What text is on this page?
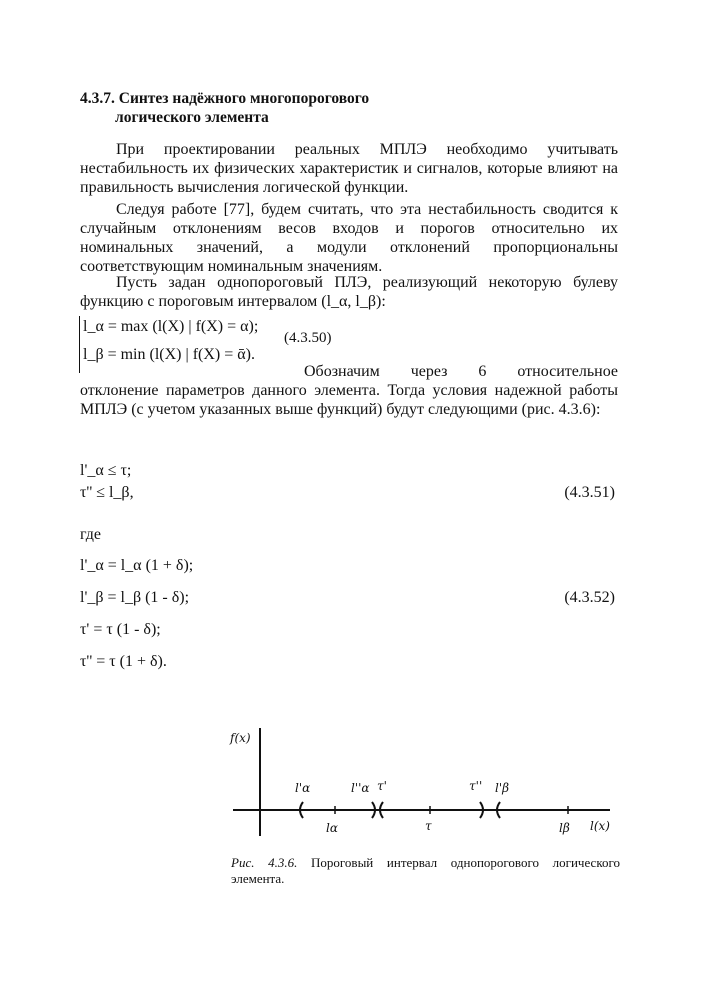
4.3.7. Синтез надёжного многопорогового
логического элемента

При проектировании реальных МПЛЭ необходимо учитывать нестабильность их физических характеристик и сигналов, которые влияют на правильность вычисления логической функции.

Следуя работе [77], будем считать, что эта нестабильность сводится к случайным отклонениям весов входов и порогов относительно их номинальных значений, а модули отклонений пропорциональны соответствующим номинальным значениям.

Пусть задан однопороговый ПЛЭ, реализующий некоторую булеву функцию с пороговым интервалом (l_α, l_β):

l_α = max (l(X) | f(X) = α);
l_β = min (l(X) | f(X) = ᾱ).
(4.3.50)

Обозначим через 6 относительное отклонение параметров данного элемента. Тогда условия надежной работы МПЛЭ (с учетом указанных выше функций) будут следующими (рис. 4.3.6):

l'_α ≤ τ;
τ'' ≤ l_β,	(4.3.51)
где
l'_α = l_α (1 + δ);
l'_β = l_β (1 - δ);	(4.3.52)
τ' = τ (1 - δ);
τ'' = τ (1 + δ).
f(x)
l'α	l''α τ'	τ'' l'β
lα	τ	lβ l(x)
Рис. 4.3.6. Пороговый интервал однопорогового логического элемента.
